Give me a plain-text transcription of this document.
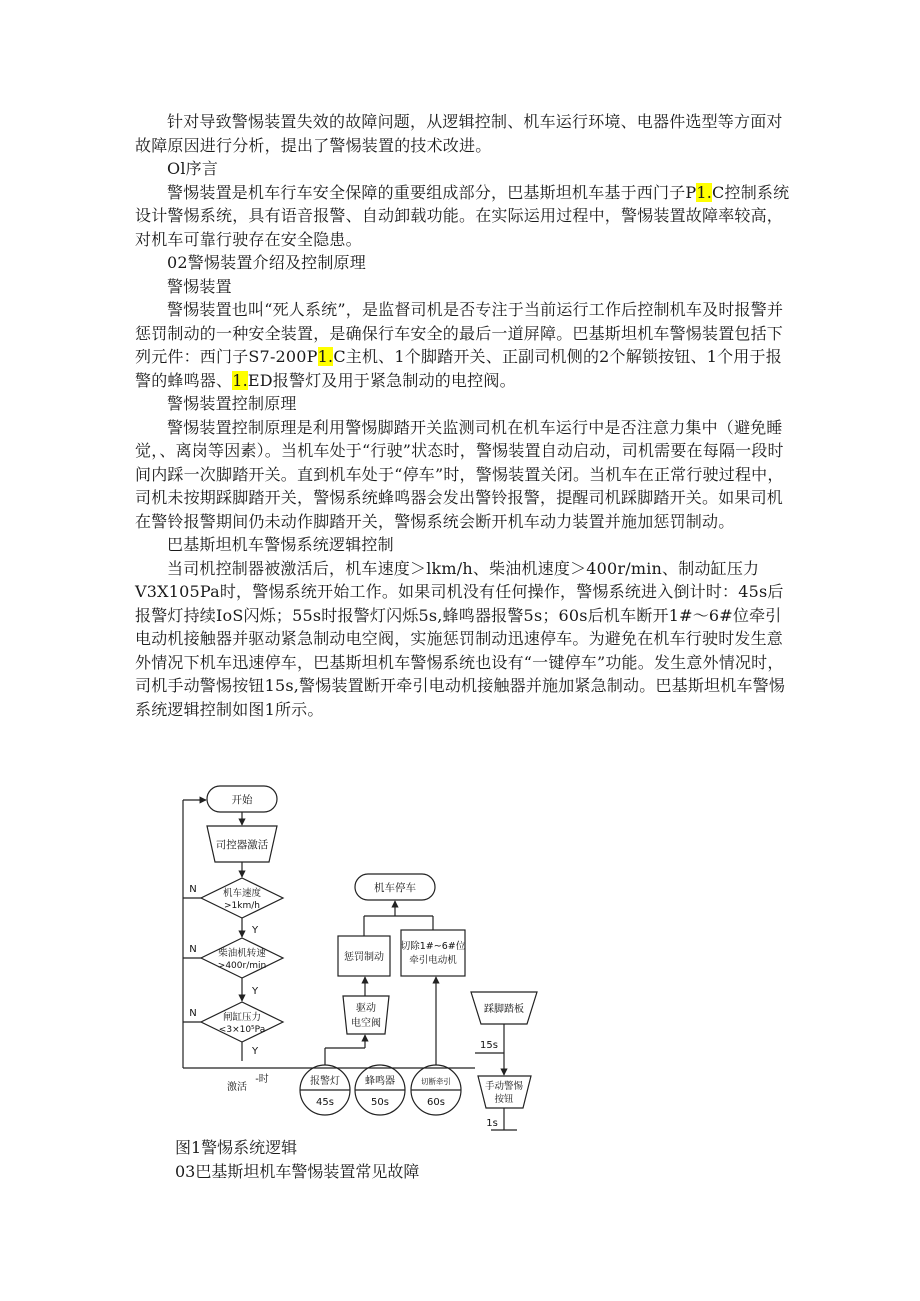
针对导致警惕装置失效的故障问题，从逻辑控制、机车运行环境、电器件选型等方面对故障原因进行分析，提出了警惕装置的技术改进。

Ol序言

警惕装置是机车行车安全保障的重要组成部分，巴基斯坦机车基于西门子P1.C控制系统设计警惕系统，具有语音报警、自动卸载功能。在实际运用过程中，警惕装置故障率较高，对机车可靠行驶存在安全隐患。

02警惕装置介绍及控制原理

警惕装置

警惕装置也叫“死人系统”，是监督司机是否专注于当前运行工作后控制机车及时报警并惩罚制动的一种安全装置，是确保行车安全的最后一道屏障。巴基斯坦机车警惕装置包括下列元件：西门子S7-200P1.C主机、1个脚踏开关、正副司机侧的2个解锁按钮、1个用于报警的蜂鸣器、1.ED报警灯及用于紧急制动的电控阀。

警惕装置控制原理

警惕装置控制原理是利用警惕脚踏开关监测司机在机车运行中是否注意力集中（避免睡觉，、离岗等因素）。当机车处于“行驶”状态时，警惕装置自动启动，司机需要在每隔一段时间内踩一次脚踏开关。直到机车处于“停车”时，警惕装置关闭。当机车在正常行驶过程中，司机未按期踩脚踏开关，警惕系统蜂鸣器会发出警铃报警，提醒司机踩脚踏开关。如果司机在警铃报警期间仍未动作脚踏开关，警惕系统会断开机车动力装置并施加惩罚制动。

巴基斯坦机车警惕系统逻辑控制

当司机控制器被激活后，机车速度＞lkm/h、柴油机速度＞400r/min、制动缸压力V3X105Pa时，警惕系统开始工作。如果司机没有任何操作，警惕系统进入倒计时：45s后报警灯持续IoS闪烁；55s时报警灯闪烁5s,蜂鸣器报警5s；60s后机车断开1#～6#位牵引电动机接触器并驱动紧急制动电空阀，实施惩罚制动迅速停车。为避免在机车行驶时发生意外情况下机车迅速停车，巴基斯坦机车警惕系统也设有“一键停车”功能。发生意外情况时，司机手动警惕按钮15s,警惕装置断开牵引电动机接触器并施加紧急制动。巴基斯坦机车警惕系统逻辑控制如图1所示。

开始
司控器激活
机车速度
>1km/h
柴油机转速
>400r/min
闸缸压力
<3×10⁵Pa
Y
Y
Y
N
N
N
激活
-时	报警灯
45s
蜂鸣器
50s
切断牵引
60s
机车停车
惩罚制动
切除1#~6#位
牵引电动机
驱动
电空阀
踩脚踏板
15s
手动警惕
按钮
1s

图1警惕系统逻辑

03巴基斯坦机车警惕装置常见故障
